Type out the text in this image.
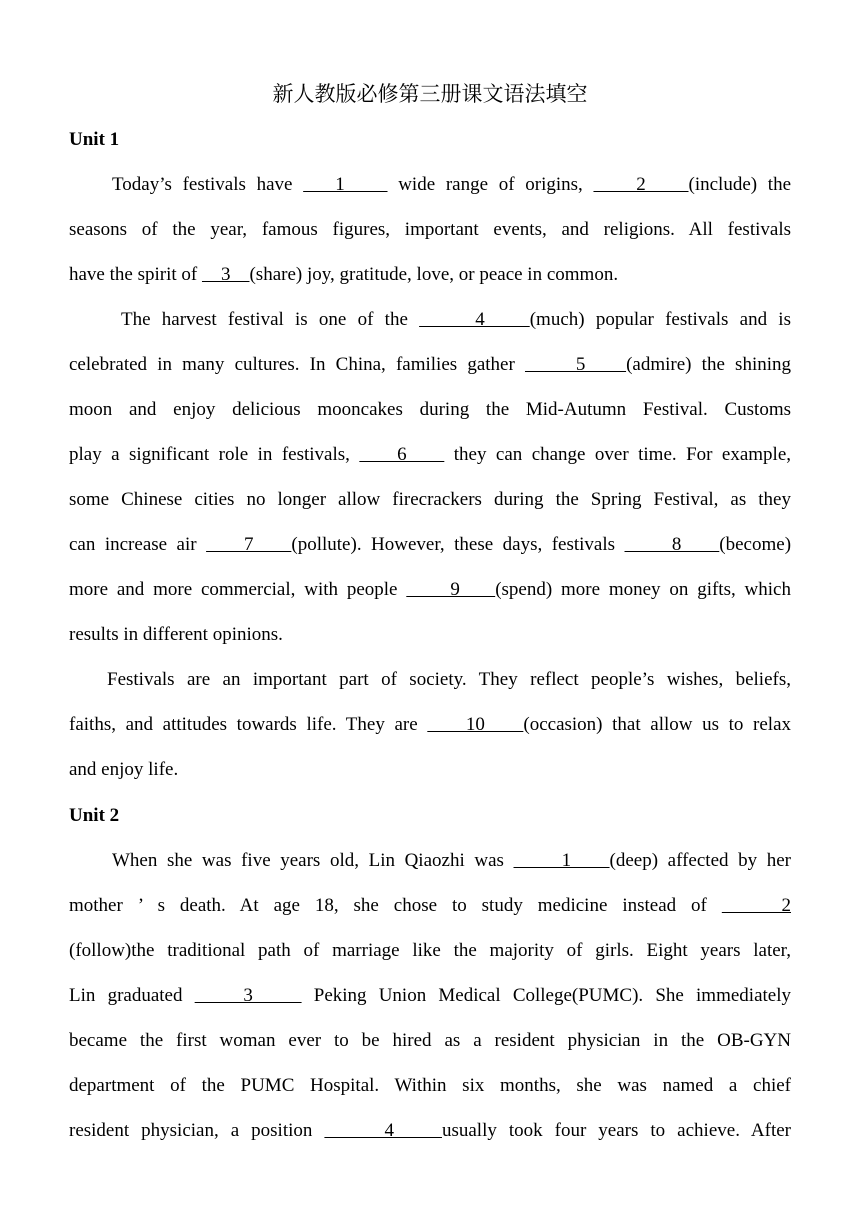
新人教版必修第三册课文语法填空
Unit 1
Today’s festivals have    1     wide range of origins,     2    (include) the
seasons of the year, famous figures, important events, and religions. All festivals
have the spirit of     3    (share) joy, gratitude, love, or peace in common.
The harvest festival is one of the      4    (much) popular festivals and is
celebrated in many cultures. In China, families gather      5    (admire) the shining
moon and enjoy delicious mooncakes during the Mid-Autumn Festival. Customs
play a significant role in festivals,     6     they can change over time. For example,
some Chinese cities no longer allow firecrackers during the Spring Festival, as they
can increase air     7    (pollute). However, these days, festivals      8    (become)
more and more commercial, with people      9    (spend) more money on gifts, which
results in different opinions.
Festivals are an important part of society. They reflect people’s wishes, beliefs,
faiths, and attitudes towards life. They are     10    (occasion) that allow us to relax
and enjoy life.
Unit 2
When she was five years old, Lin Qiaozhi was      1    (deep) affected by her
mother ’ s death. At age 18, she chose to study medicine instead of     2
(follow)the traditional path of marriage like the majority of girls. Eight years later,
Lin graduated     3     Peking Union Medical College(PUMC). She immediately
became the first woman ever to be hired as a resident physician in the OB-GYN
department of the PUMC Hospital. Within six months, she was named a chief
resident physician, a position      4    usually took four years to achieve. After
